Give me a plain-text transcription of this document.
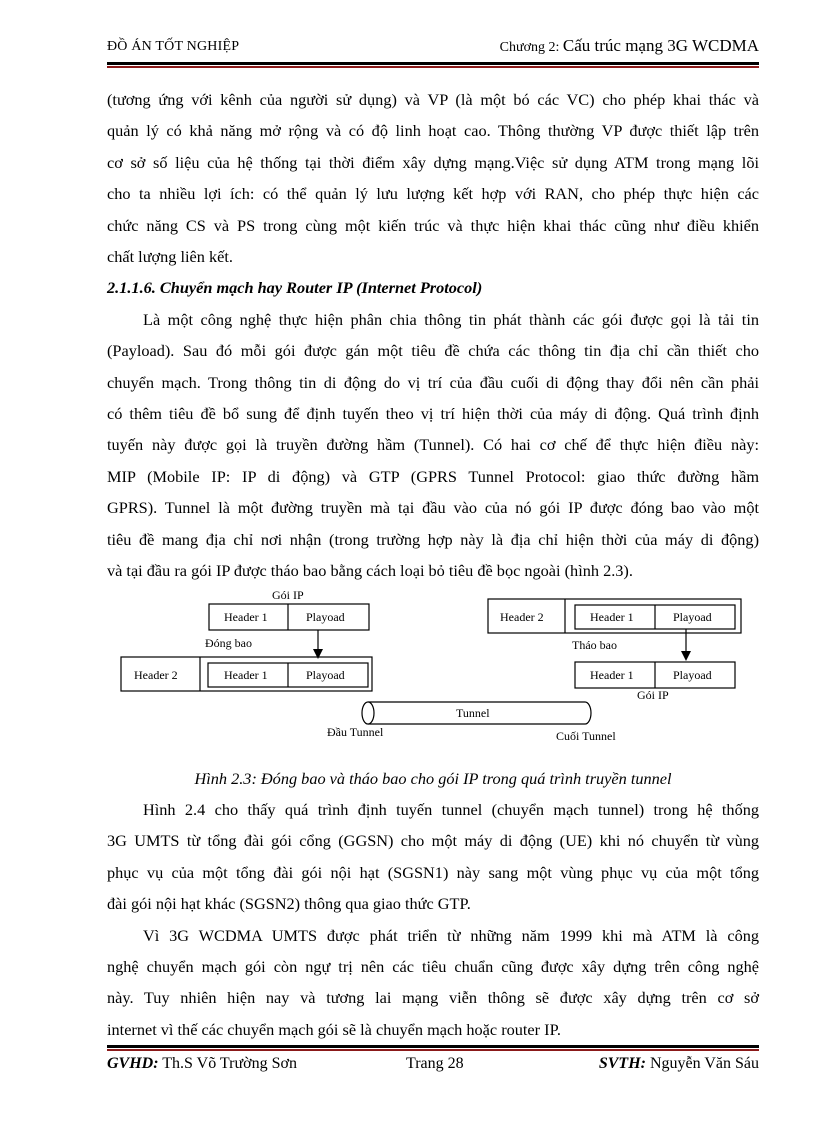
ĐỒ ÁN TỐT NGHIỆP	Chương 2: Cấu trúc mạng 3G WCDMA

(tương ứng với kênh của người sử dụng) và VP (là một bó các VC) cho phép khai thác và

quản lý có khả năng mở rộng và có độ linh hoạt cao. Thông thường VP được thiết lập trên

cơ sở số liệu của hệ thống tại thời điểm xây dựng mạng.Việc sử dụng ATM trong mạng lõi

cho ta nhiều lợi ích: có thể quản lý lưu lượng kết hợp với RAN, cho phép thực hiện các

chức năng CS và PS trong cùng một kiến trúc và thực hiện khai thác cũng như điều khiển

chất lượng liên kết.

2.1.1.6. Chuyển mạch hay Router IP (Internet Protocol)

Là một công nghệ thực hiện phân chia thông tin phát thành các gói được gọi là tải tin

(Payload). Sau đó mỗi gói được gán một tiêu đề chứa các thông tin địa chỉ cần thiết cho

chuyển mạch. Trong thông tin di động do vị trí của đầu cuối di động thay đổi nên cần phải

có thêm tiêu đề bổ sung để định tuyến theo vị trí hiện thời của máy di động. Quá trình định

tuyến này được gọi là truyền đường hầm (Tunnel). Có hai cơ chế để thực hiện điều này:

MIP (Mobile IP: IP di động) và GTP (GPRS Tunnel Protocol: giao thức đường hầm

GPRS). Tunnel là một đường truyền mà tại đầu vào của nó gói IP được đóng bao vào một

tiêu đề mang địa chỉ nơi nhận (trong trường hợp này là địa chỉ hiện thời của máy di động)

và tại đầu ra gói IP được tháo bao bằng cách loại bỏ tiêu đề bọc ngoài (hình 2.3).

Gói IP
Header 1	Playoad
Đóng bao
Header 2	Header 1	Playoad
Header 2	Header 1	Playoad
Tháo bao
Header 1	Playoad
Gói IP
Tunnel
Đầu Tunnel	Cuối Tunnel

Hình 2.3: Đóng bao và tháo bao cho gói IP trong quá trình truyền tunnel

Hình 2.4 cho thấy quá trình định tuyến tunnel (chuyển mạch tunnel) trong hệ thống

3G UMTS từ tổng đài gói cổng (GGSN) cho một máy di động (UE) khi nó chuyển từ vùng

phục vụ của một tổng đài gói nội hạt (SGSN1) này sang một vùng phục vụ của một tổng

đài gói nội hạt khác (SGSN2) thông qua giao thức GTP.

Vì 3G WCDMA UMTS được phát triển từ những năm 1999 khi mà ATM là công

nghệ chuyển mạch gói còn ngự trị nên các tiêu chuẩn cũng được xây dựng trên công nghệ

này. Tuy nhiên hiện nay và tương lai mạng viễn thông sẽ được xây dựng trên cơ sở

internet vì thế các chuyển mạch gói sẽ là chuyển mạch hoặc router IP.

GVHD: Th.S Võ Trường Sơn	Trang 28	SVTH: Nguyễn Văn Sáu
